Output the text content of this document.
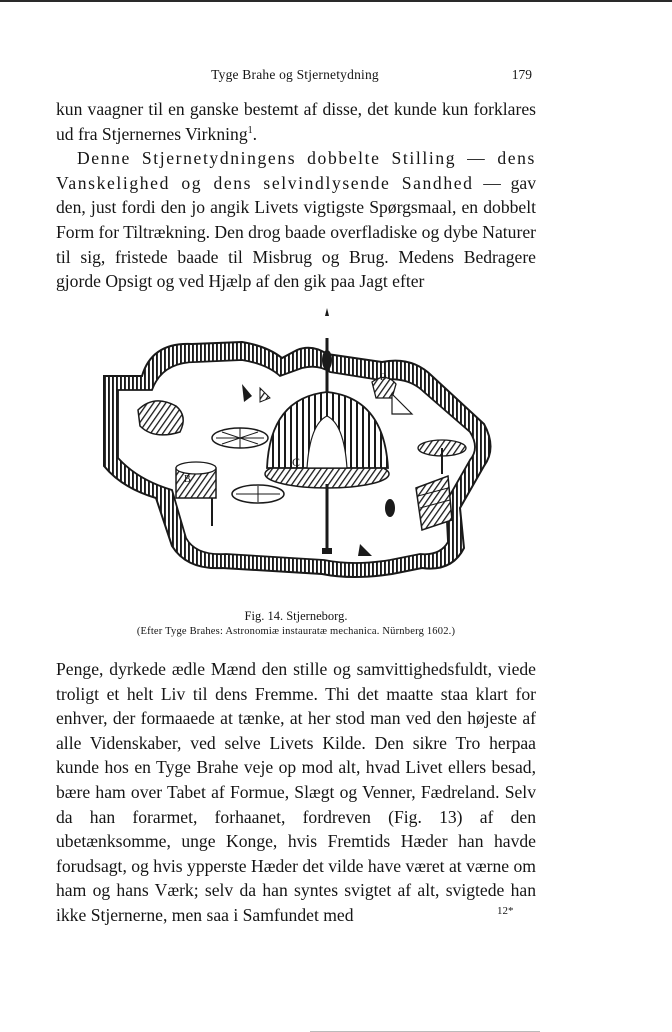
Tyge Brahe og Stjernetydning	179

kun vaagner til en ganske bestemt af disse, det kunde kun forklares ud fra Stjernernes Virkning$^1$.

Denne Stjernetydningens dobbelte Stilling — dens Vanskelighed og dens selvindlysende Sandhed — gav den, just fordi den jo angik Livets vigtigste Spørgsmaal, en dobbelt Form for Tiltrækning. Den drog baade overfladiske og dybe Naturer til sig, fristede baade til Misbrug og Brug. Medens Bedragere gjorde Opsigt og ved Hjælp af den gik paa Jagt efter

C
B
D
Fig. 14. Stjerneborg.
(Efter Tyge Brahes: Astronomiæ instauratæ mechanica. Nürnberg 1602.)

Penge, dyrkede ædle Mænd den stille og samvittighedsfuldt, viede troligt et helt Liv til dens Fremme. Thi det maatte staa klart for enhver, der formaaede at tænke, at her stod man ved den højeste af alle Videnskaber, ved selve Livets Kilde. Den sikre Tro herpaa kunde hos en Tyge Brahe veje op mod alt, hvad Livet ellers besad, bære ham over Tabet af Formue, Slægt og Venner, Fædreland. Selv da han forarmet, forhaanet, fordreven (Fig. 13) af den ubetænksomme, unge Konge, hvis Fremtids Hæder han havde forudsagt, og hvis ypperste Hæder det vilde have været at værne om ham og hans Værk; selv da han syntes svigtet af alt, svigtede han ikke Stjernerne, men saa i Samfundet med	12*
